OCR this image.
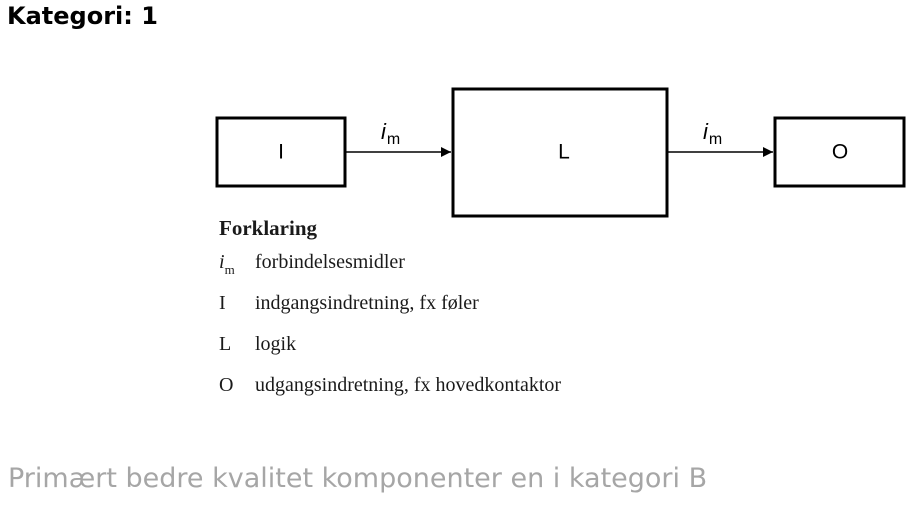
Kategori: 1
I	L	O
$i_m$	$i_m$
Forklaring
$i_m$	forbindelsesmidler
I	indgangsindretning, fx føler
L	logik
O	udgangsindretning, fx hovedkontaktor
Primært bedre kvalitet komponenter en i kategori B
